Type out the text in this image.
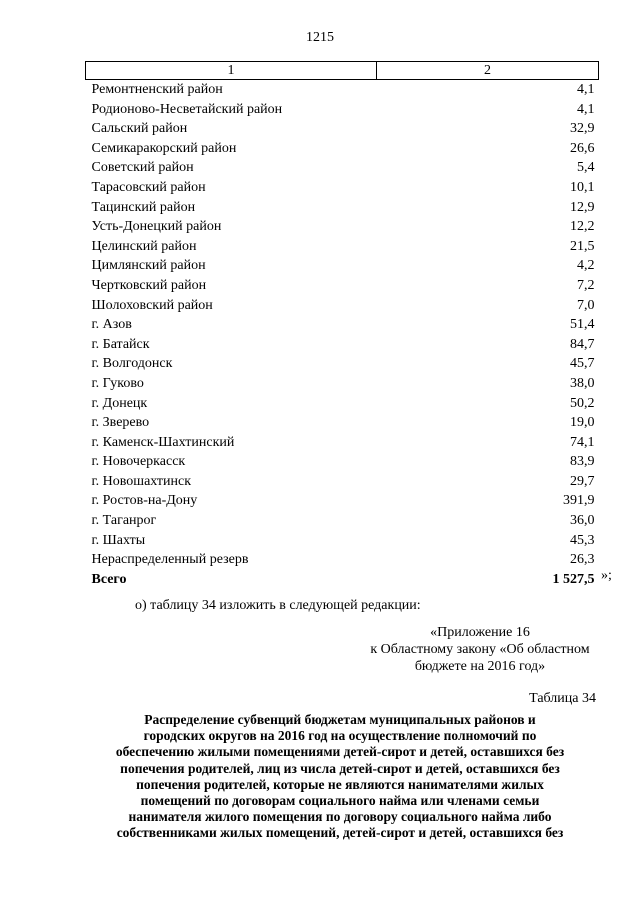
1215
1	2
Ремонтненский район	4,1
Родионово-Несветайский район	4,1
Сальский район	32,9
Семикаракорский район	26,6
Советский район	5,4
Тарасовский район	10,1
Тацинский район	12,9
Усть-Донецкий район	12,2
Целинский район	21,5
Цимлянский район	4,2
Чертковский район	7,2
Шолоховский район	7,0
г. Азов	51,4
г. Батайск	84,7
г. Волгодонск	45,7
г. Гуково	38,0
г. Донецк	50,2
г. Зверево	19,0
г. Каменск-Шахтинский	74,1
г. Новочеркасск	83,9
г. Новошахтинск	29,7
г. Ростов-на-Дону	391,9
г. Таганрог	36,0
г. Шахты	45,3
Нераспределенный резерв	26,3
Всего	1 527,5 »;
о) таблицу 34 изложить в следующей редакции:
«Приложение 16
к Областному закону «Об областном
бюджете на 2016 год»
Таблица 34
Распределение субвенций бюджетам муниципальных районов и
городских округов на 2016 год на осуществление полномочий по
обеспечению жилыми помещениями детей-сирот и детей, оставшихся без
попечения родителей, лиц из числа детей-сирот и детей, оставшихся без
попечения родителей, которые не являются нанимателями жилых
помещений по договорам социального найма или членами семьи
нанимателя жилого помещения по договору социального найма либо
собственниками жилых помещений, детей-сирот и детей, оставшихся без
